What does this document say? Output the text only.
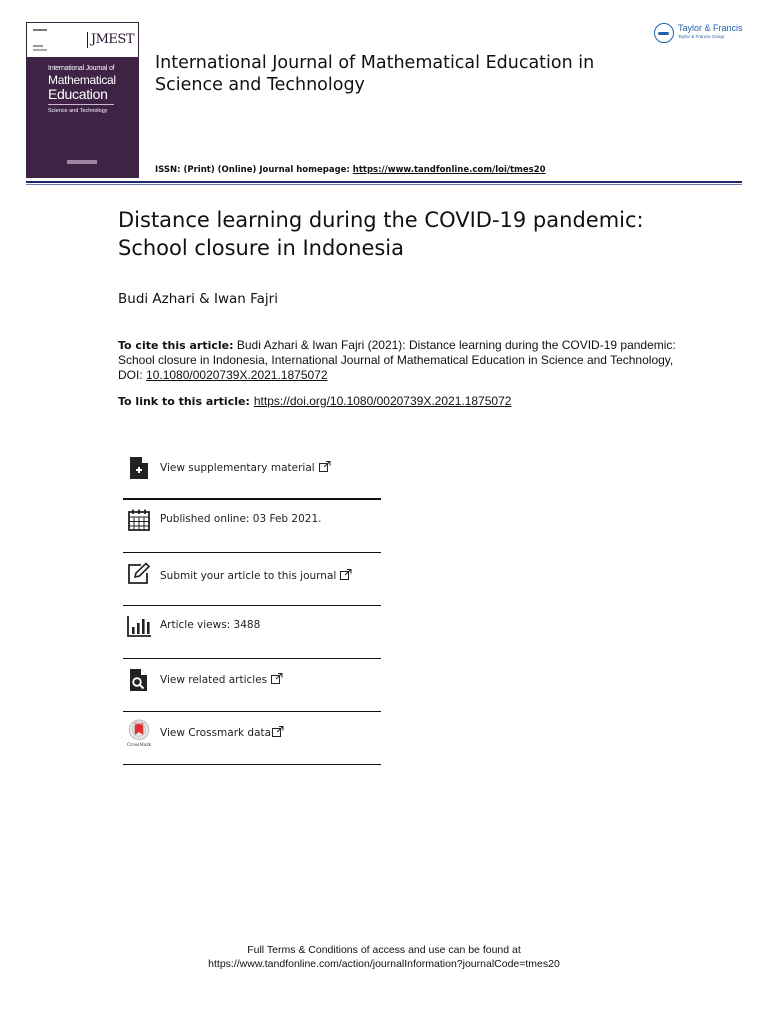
JMEST
International Journal of
Mathematical
Education
Science and Technology
International Journal of Mathematical Education in Science and Technology
Taylor & Francis
Taylor & Francis Group
ISSN: (Print) (Online) Journal homepage: https://www.tandfonline.com/loi/tmes20
Distance learning during the COVID-19 pandemic: School closure in Indonesia
Budi Azhari & Iwan Fajri
To cite this article: Budi Azhari & Iwan Fajri (2021): Distance learning during the COVID-19 pandemic: School closure in Indonesia, International Journal of Mathematical Education in Science and Technology, DOI: 10.1080/0020739X.2021.1875072
To link to this article: https://doi.org/10.1080/0020739X.2021.1875072
View supplementary material
Published online: 03 Feb 2021.
Submit your article to this journal
Article views: 3488
View related articles
CrossMark
View Crossmark data
Full Terms & Conditions of access and use can be found at
https://www.tandfonline.com/action/journalInformation?journalCode=tmes20
